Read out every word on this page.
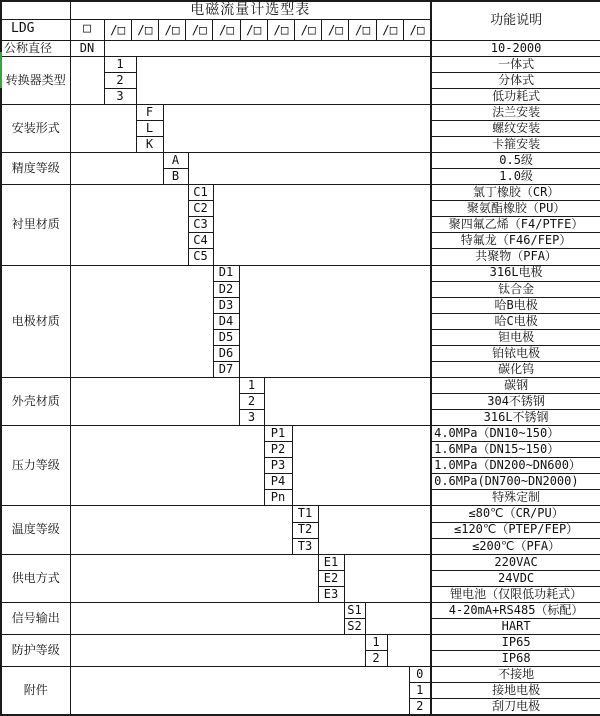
	电磁流量计选型表														功能说明
LDG	□	/□ /□ /□ /□ /□ /□ /□ /□ /□ /□ /□ /□

公称直径	DN														10-2000
转换器类型		1													一体式
		2													分体式
		3													低功耗式
安装形式			F												法兰安装
			L												螺纹安装
			K												卡箍安装
精度等级				A											0.5级
				B											1.0级
衬里材质					C1										氯丁橡胶（CR）
					C2										聚氨酯橡胶（PU）
					C3										聚四氟乙烯（F4/PTFE）
					C4										特氟龙（F46/FEP）
					C5										共聚物（PFA）
电极材质						D1									316L电极
						D2									钛合金
						D3									哈B电极
						D4									哈C电极
						D5									钽电极
						D6									铂铱电极
						D7									碳化钨
外壳材质							1								碳钢
							2								304不锈钢
							3								316L不锈钢
压力等级								P1							4.0MPa（DN10~150）
								P2							1.6MPa（DN15~150）
								P3							1.0MPa（DN200~DN600）
								P4							0.6MPa(DN700~DN2000)
								Pn							特殊定制
温度等级									T1						≤80℃（CR/PU）
									T2						≤120℃（PTEP/FEP）
									T3						≤200℃（PFA）
供电方式										E1					220VAC
										E2					24VDC
										E3					锂电池（仅限低功耗式）
信号输出											S1				4-20mA+RS485（标配）
											S2				HART
防护等级												1			IP65
												2			IP68
附件														0	不接地
														1	接地电极
														2	刮刀电极
